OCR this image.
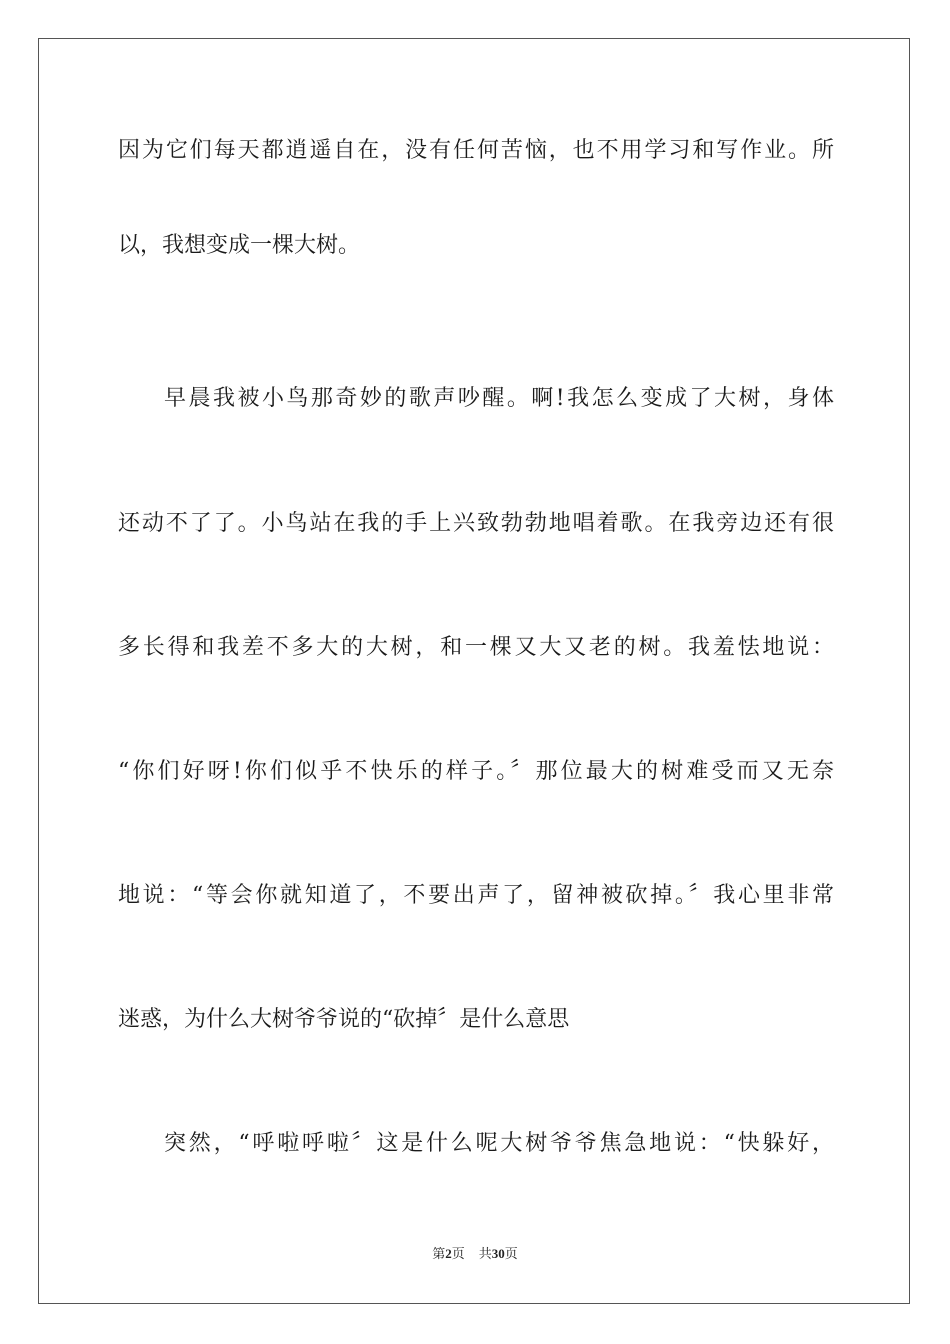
因为它们每天都逍遥自在，没有任何苦恼，也不用学习和写作业。所
以，我想变成一棵大树。
早晨我被小鸟那奇妙的歌声吵醒。啊!我怎么变成了大树，身体
还动不了了。小鸟站在我的手上兴致勃勃地唱着歌。在我旁边还有很
多长得和我差不多大的大树，和一棵又大又老的树。我羞怯地说：
“你们好呀!你们似乎不快乐的样子。〞那位最大的树难受而又无奈
地说：“等会你就知道了，不要出声了，留神被砍掉。〞我心里非常
迷惑，为什么大树爷爷说的“砍掉〞是什么意思
突然，“呼啦呼啦〞这是什么呢大树爷爷焦急地说：“快躲好，
第2页 共30页
